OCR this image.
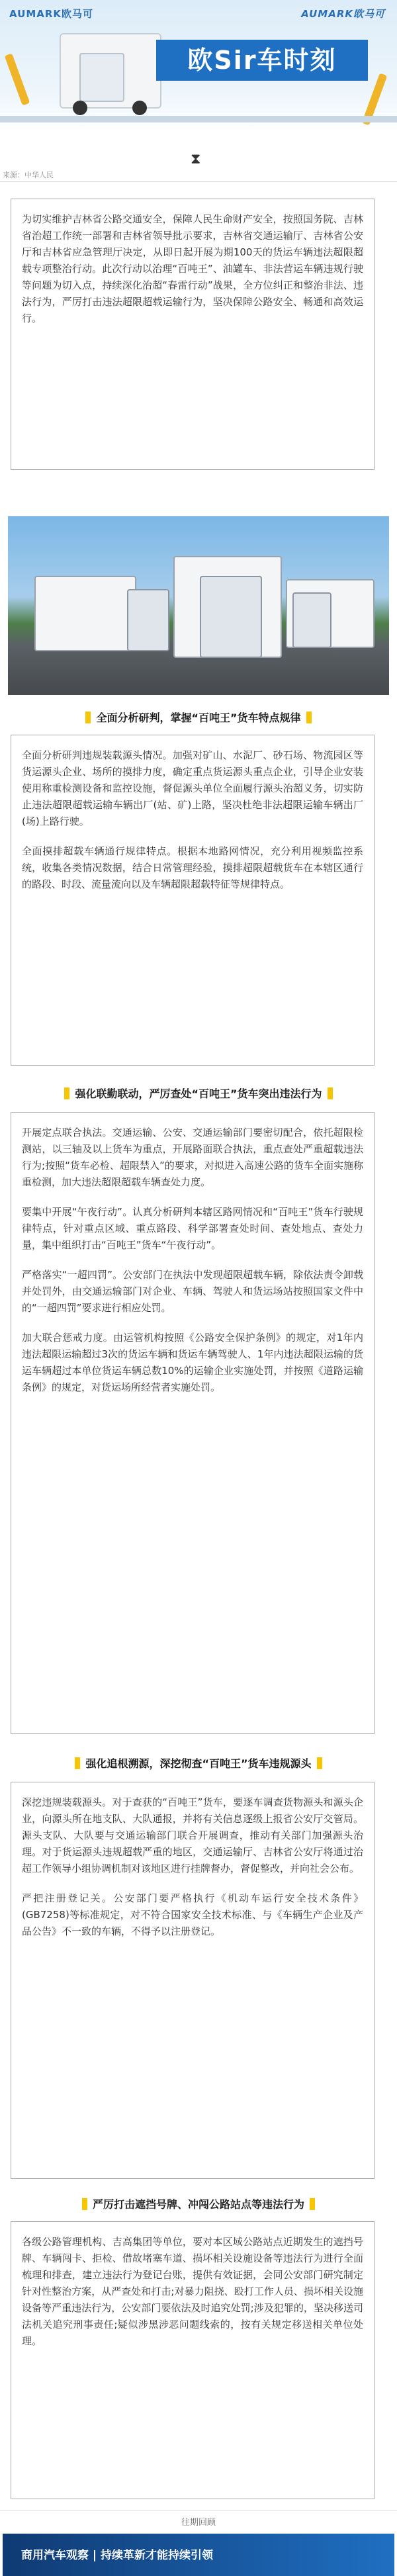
AUMARK欧马可	AUMARK欧马可
欧Sir车时刻
⧗
来源：中华人民

为切实维护吉林省公路交通安全，保障人民生命财产安全，按照国务院、吉林省治超工作统一部署和吉林省领导批示要求，吉林省交通运输厅、吉林省公安厅和吉林省应急管理厅决定，从即日起开展为期100天的货运车辆违法超限超载专项整治行动。此次行动以治理“百吨王”、油罐车、非法营运车辆违规行驶等问题为切入点，持续深化治超“春雷行动”战果，全方位纠正和整治非法、违法行为，严厉打击违法超限超载运输行为，坚决保障公路安全、畅通和高效运行。

全面分析研判，掌握“百吨王”货车特点规律

全面分析研判违规装载源头情况。加强对矿山、水泥厂、砂石场、物流园区等货运源头企业、场所的摸排力度，确定重点货运源头重点企业，引导企业安装使用称重检测设备和监控设施，督促源头单位全面履行源头治超义务，切实防止违法超限超载运输车辆出厂(站、矿)上路，坚决杜绝非法超限运输车辆出厂(场)上路行驶。

全面摸排超载车辆通行规律特点。根据本地路网情况，充分利用视频监控系统，收集各类情况数据，结合日常管理经验，摸排超限超载货车在本辖区通行的路段、时段、流量流向以及车辆超限超载特征等规律特点。

强化联勤联动，严厉查处“百吨王”货车突出违法行为

开展定点联合执法。交通运输、公安、交通运输部门要密切配合，依托超限检测站，以三轴及以上货车为重点，开展路面联合执法，重点查处严重超载违法行为;按照“货车必检、超限禁入”的要求，对拟进入高速公路的货车全面实施称重检测，加大违法超限超载车辆查处力度。

要集中开展“午夜行动”。认真分析研判本辖区路网情况和“百吨王”货车行驶规律特点，针对重点区域、重点路段、科学部署查处时间、查处地点、查处力量，集中组织打击“百吨王”货车“午夜行动”。

严格落实“一超四罚”。公安部门在执法中发现超限超载车辆，除依法责令卸载并处罚外，由交通运输部门对企业、车辆、驾驶人和货运场站按照国家文件中的“一超四罚”要求进行相应处罚。

加大联合惩戒力度。由运管机构按照《公路安全保护条例》的规定，对1年内违法超限运输超过3次的货运车辆和货运车辆驾驶人、1年内违法超限运输的货运车辆超过本单位货运车辆总数10%的运输企业实施处罚，并按照《道路运输条例》的规定，对货运场所经营者实施处罚。

强化追根溯源，深挖彻查“百吨王”货车违规源头

深挖违规装载源头。对于查获的“百吨王”货车，要逐车调查货物源头和源头企业，向源头所在地支队、大队通报，并将有关信息逐级上报省公安厅交管局。源头支队、大队要与交通运输部门联合开展调查，推动有关部门加强源头治理。对于货运源头违规超载严重的地区，交通运输厅、吉林省公安厅将通过治超工作领导小组协调机制对该地区进行挂牌督办，督促整改，并向社会公布。

严把注册登记关。公安部门要严格执行《机动车运行安全技术条件》(GB7258)等标准规定，对不符合国家安全技术标准、与《车辆生产企业及产品公告》不一致的车辆，不得予以注册登记。

严厉打击遮挡号牌、冲闯公路站点等违法行为

各级公路管理机构、吉高集团等单位，要对本区域公路站点近期发生的遮挡号牌、车辆闯卡、拒检、借故堵塞车道、损坏相关设施设备等违法行为进行全面梳理和排查，建立违法行为登记台账，提供有效证据，会同公安部门研究制定针对性整治方案，从严查处和打击;对暴力阻挠、殴打工作人员、损坏相关设施设备等严重违法行为，公安部门要依法及时追究处罚;涉及犯罪的，坚决移送司法机关追究刑事责任;疑似涉黑涉恶问题线索的，按有关规定移送相关单位处理。

往期回顾
商用汽车观察 | 持续革新才能持续引领
